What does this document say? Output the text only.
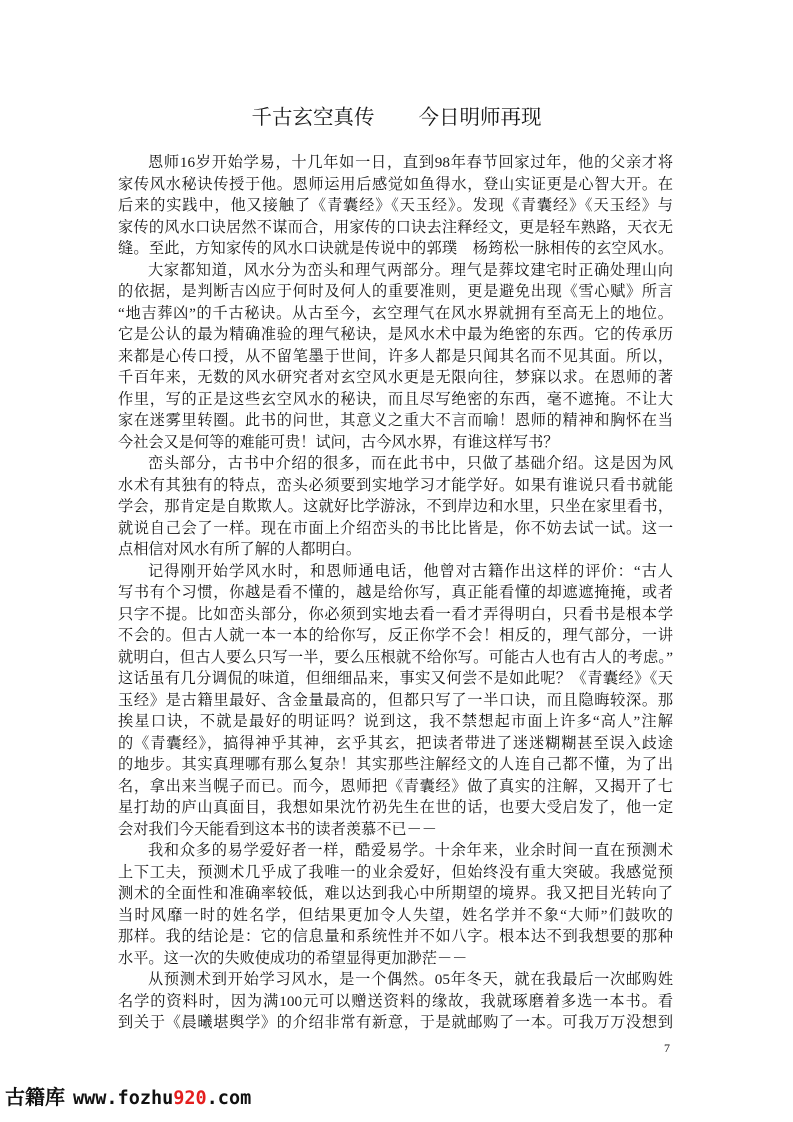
千古玄空真传 今日明师再现
恩师16岁开始学易，十几年如一日，直到98年春节回家过年，他的父亲才将
家传风水秘诀传授于他。恩师运用后感觉如鱼得水，登山实证更是心智大开。在
后来的实践中，他又接触了《青囊经》《天玉经》。发现《青囊经》《天玉经》与
家传的风水口诀居然不谋而合，用家传的口诀去注释经文，更是轻车熟路，天衣无
缝。至此，方知家传的风水口诀就是传说中的郭璞　杨筠松一脉相传的玄空风水。
大家都知道，风水分为峦头和理气两部分。理气是葬坟建宅时正确处理山向
的依据，是判断吉凶应于何时及何人的重要准则，更是避免出现《雪心赋》所言
“地吉葬凶”的千古秘诀。从古至今，玄空理气在风水界就拥有至高无上的地位。
它是公认的最为精确准验的理气秘诀，是风水术中最为绝密的东西。它的传承历
来都是心传口授，从不留笔墨于世间，许多人都是只闻其名而不见其面。所以，
千百年来，无数的风水研究者对玄空风水更是无限向往，梦寐以求。在恩师的著
作里，写的正是这些玄空风水的秘诀，而且尽写绝密的东西，毫不遮掩。不让大
家在迷雾里转圈。此书的问世，其意义之重大不言而喻！恩师的精神和胸怀在当
今社会又是何等的难能可贵！试问，古今风水界，有谁这样写书？
峦头部分，古书中介绍的很多，而在此书中，只做了基础介绍。这是因为风
水术有其独有的特点，峦头必须要到实地学习才能学好。如果有谁说只看书就能
学会，那肯定是自欺欺人。这就好比学游泳，不到岸边和水里，只坐在家里看书，
就说自己会了一样。现在市面上介绍峦头的书比比皆是，你不妨去试一试。这一
点相信对风水有所了解的人都明白。
记得刚开始学风水时，和恩师通电话，他曾对古籍作出这样的评价：“古人
写书有个习惯，你越是看不懂的，越是给你写，真正能看懂的却遮遮掩掩，或者
只字不提。比如峦头部分，你必须到实地去看一看才弄得明白，只看书是根本学
不会的。但古人就一本一本的给你写，反正你学不会！相反的，理气部分，一讲
就明白，但古人要么只写一半，要么压根就不给你写。可能古人也有古人的考虑。”
这话虽有几分调侃的味道，但细细品来，事实又何尝不是如此呢？《青囊经》《天
玉经》是古籍里最好、含金量最高的，但都只写了一半口诀，而且隐晦较深。那
挨星口诀，不就是最好的明证吗？说到这，我不禁想起市面上许多“高人”注解
的《青囊经》，搞得神乎其神，玄乎其玄，把读者带进了迷迷糊糊甚至误入歧途
的地步。其实真理哪有那么复杂！其实那些注解经文的人连自己都不懂，为了出
名，拿出来当幌子而已。而今，恩师把《青囊经》做了真实的注解，又揭开了七
星打劫的庐山真面目，我想如果沈竹礽先生在世的话，也要大受启发了，他一定
会对我们今天能看到这本书的读者羡慕不已－－
我和众多的易学爱好者一样，酷爱易学。十余年来，业余时间一直在预测术
上下工夫，预测术几乎成了我唯一的业余爱好，但始终没有重大突破。我感觉预
测术的全面性和准确率较低，难以达到我心中所期望的境界。我又把目光转向了
当时风靡一时的姓名学，但结果更加令人失望，姓名学并不象“大师”们鼓吹的
那样。我的结论是：它的信息量和系统性并不如八字。根本达不到我想要的那种
水平。这一次的失败使成功的希望显得更加渺茫－－
从预测术到开始学习风水，是一个偶然。05年冬天，就在我最后一次邮购姓
名学的资料时，因为满100元可以赠送资料的缘故，我就琢磨着多选一本书。看
到关于《晨曦堪舆学》的介绍非常有新意，于是就邮购了一本。可我万万没想到
7
古籍库 www.fozhu920.com
